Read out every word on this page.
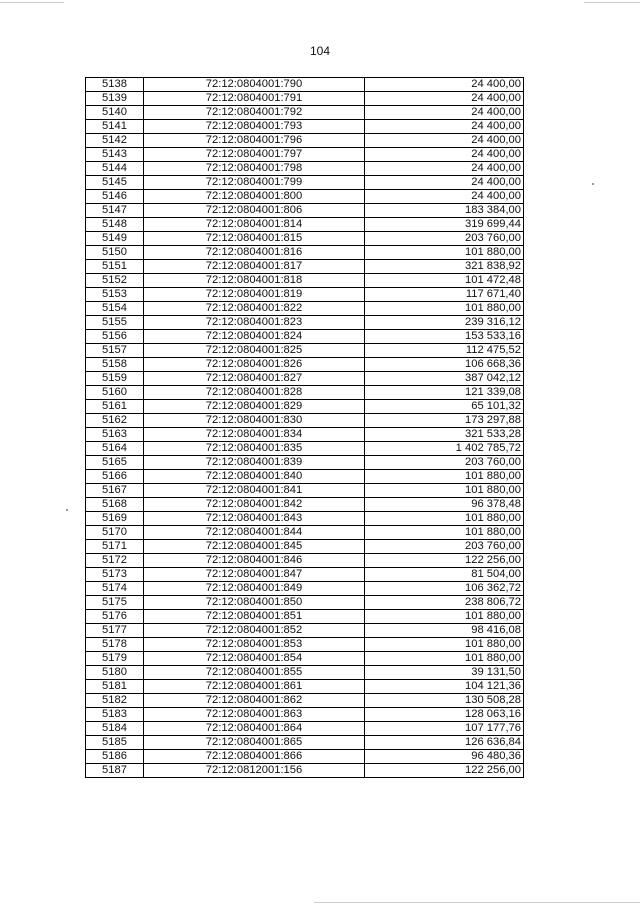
104
5138	72:12:0804001:790	24 400,00
5139	72:12:0804001:791	24 400,00
5140	72:12:0804001:792	24 400,00
5141	72:12:0804001:793	24 400,00
5142	72:12:0804001:796	24 400,00
5143	72:12:0804001:797	24 400,00
5144	72:12:0804001:798	24 400,00
5145	72:12:0804001:799	24 400,00
5146	72:12:0804001:800	24 400,00
5147	72:12:0804001:806	183 384,00
5148	72:12:0804001:814	319 699,44
5149	72:12:0804001:815	203 760,00
5150	72:12:0804001:816	101 880,00
5151	72:12:0804001:817	321 838,92
5152	72:12:0804001:818	101 472,48
5153	72:12:0804001:819	117 671,40
5154	72:12:0804001:822	101 880,00
5155	72:12:0804001:823	239 316,12
5156	72:12:0804001:824	153 533,16
5157	72:12:0804001:825	112 475,52
5158	72:12:0804001:826	106 668,36
5159	72:12:0804001:827	387 042,12
5160	72:12:0804001:828	121 339,08
5161	72:12:0804001:829	65 101,32
5162	72:12:0804001:830	173 297,88
5163	72:12:0804001:834	321 533,28
5164	72:12:0804001:835	1 402 785,72
5165	72:12:0804001:839	203 760,00
5166	72:12:0804001:840	101 880,00
5167	72:12:0804001:841	101 880,00
5168	72:12:0804001:842	96 378,48
5169	72:12:0804001:843	101 880,00
5170	72:12:0804001:844	101 880,00
5171	72:12:0804001:845	203 760,00
5172	72:12:0804001:846	122 256,00
5173	72:12:0804001:847	81 504,00
5174	72:12:0804001:849	106 362,72
5175	72:12:0804001:850	238 806,72
5176	72:12:0804001:851	101 880,00
5177	72:12:0804001:852	98 416,08
5178	72:12:0804001:853	101 880,00
5179	72:12:0804001:854	101 880,00
5180	72:12:0804001:855	39 131,50
5181	72:12:0804001:861	104 121,36
5182	72:12:0804001:862	130 508,28
5183	72:12:0804001:863	128 063,16
5184	72:12:0804001:864	107 177,76
5185	72:12:0804001:865	126 636,84
5186	72:12:0804001:866	96 480,36
5187	72:12:0812001:156	122 256,00
